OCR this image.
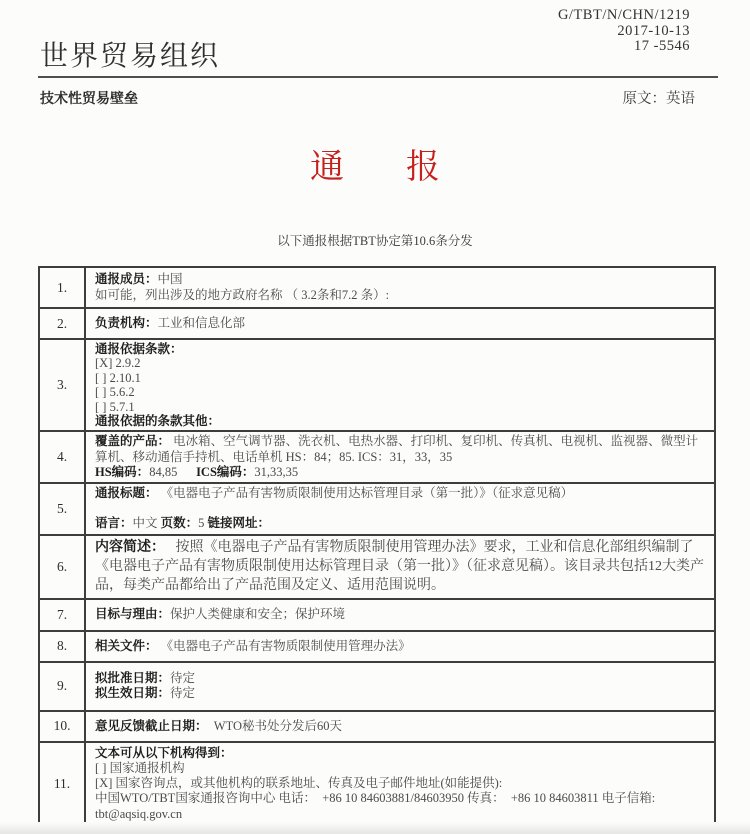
G/TBT/N/CHN/1219
2017-10-13
17 -5546
世界贸易组织
技术性贸易壁垒	原文：英语
通 报
以下通报根据TBT协定第10.6条分发
1.	通报成员：中国
如可能，列出涉及的地方政府名称 （ 3.2条和7.2 条）:

2.	负责机构：工业和信息化部

3.	
通报依据条款：
[X] 2.9.2
[ ] 2.10.1
[ ] 5.6.2
[ ] 5.7.1
通报依据的条款其他：

4.	覆盖的产品： 电冰箱、空气调节器、洗衣机、电热水器、打印机、复印机、传真机、电视机、监视器、微型计算机、移动通信手持机、电话单机 HS：84；85. ICS：31，33，35
HS编码：84,85      ICS编码：31,33,35

5.	通报标题： 《电器电子产品有害物质限制使用达标管理目录（第一批）》（征求意见稿）

语言：中文 页数：5 链接网址：

6.	内容简述：   按照《电器电子产品有害物质限制使用管理办法》要求，工业和信息化部组织编制了《电器电子产品有害物质限制使用达标管理目录（第一批）》（征求意见稿）。该目录共包括12大类产品，每类产品都给出了产品范围及定义、适用范围说明。

7.	目标与理由：保护人类健康和安全；保护环境

8.	相关文件： 《电器电子产品有害物质限制使用管理办法》

9.	拟批准日期：待定
拟生效日期：待定

10.	意见反馈截止日期：  WTO秘书处分发后60天

11.	文本可从以下机构得到：
[ ] 国家通报机构
[X] 国家咨询点，或其他机构的联系地址、传真及电子邮件地址(如能提供):
中国WTO/TBT国家通报咨询中心 电话：  +86 10 84603881/84603950 传真：  +86 10 84603811 电子信箱:
tbt@aqsiq.gov.cn
